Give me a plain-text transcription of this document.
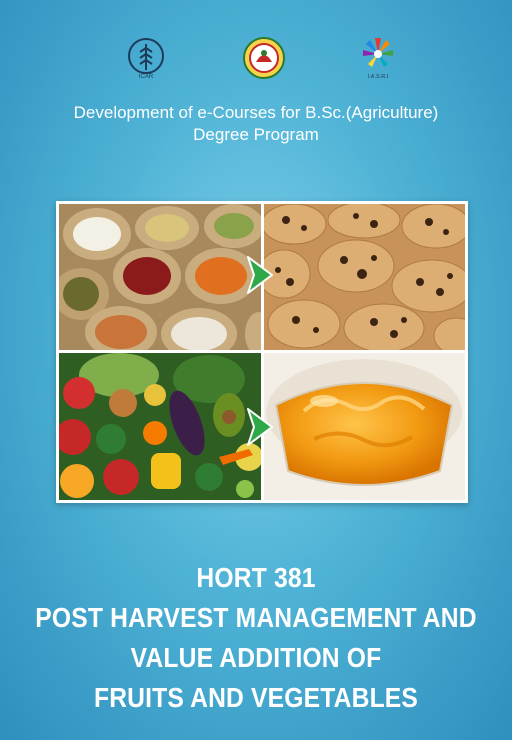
ICAR	I.A.S.R.I
Development of e-Courses for B.Sc.(Agriculture)
Degree Program
HORT 381
POST HARVEST MANAGEMENT AND
VALUE ADDITION OF
FRUITS AND VEGETABLES
